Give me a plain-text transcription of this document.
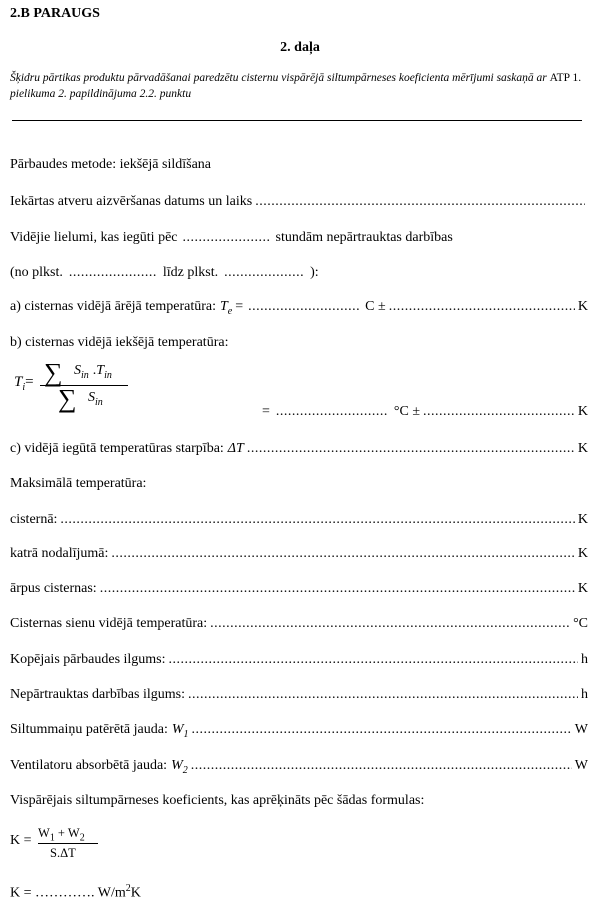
2.B PARAUGS
2. daļa
Šķidru pārtikas produktu pārvadāšanai paredzētu cisternu vispārējā siltumpārneses koeficienta mērījumi saskaņā ar ATP 1. pielikuma 2. papildinājuma 2.2. punktu
Pārbaudes metode: iekšējā sildīšana
Iekārtas atveru aizvēršanas datums un laiks
.....
Vidējie lielumi, kas iegūti pēc .....	stundām nepārtrauktas darbības
(no plkst. .....	līdz plkst. .....	):
a) cisternas vidējā ārējā temperatūra: $T_e$ = .....	C ± .....	K
b) cisternas vidējā iekšējā temperatūra:
$T_i=$ ∑ $S_{in}$ $.T_{in}$
∑ $S_{in}$
= .....	°C ± .....	K
c) vidējā iegūtā temperatūras starpība: ΔT .....	K
Maksimālā temperatūra:
cisternā: .....	K
katrā nodalījumā: .....	K
ārpus cisternas: .....	K
Cisternas sienu vidējā temperatūra: .....	°C
Kopējais pārbaudes ilgums: .....	h
Nepārtrauktas darbības ilgums: .....	h
Siltummaiņu patērētā jauda: $W_1$ .....	W
Ventilatoru absorbētā jauda: $W_2$ .....	W
Vispārējais siltumpārneses koeficients, kas aprēķināts pēc šādas formulas:
$K = W_1 + W_2$
S.ΔT
K = …………. $W/m^2K$
